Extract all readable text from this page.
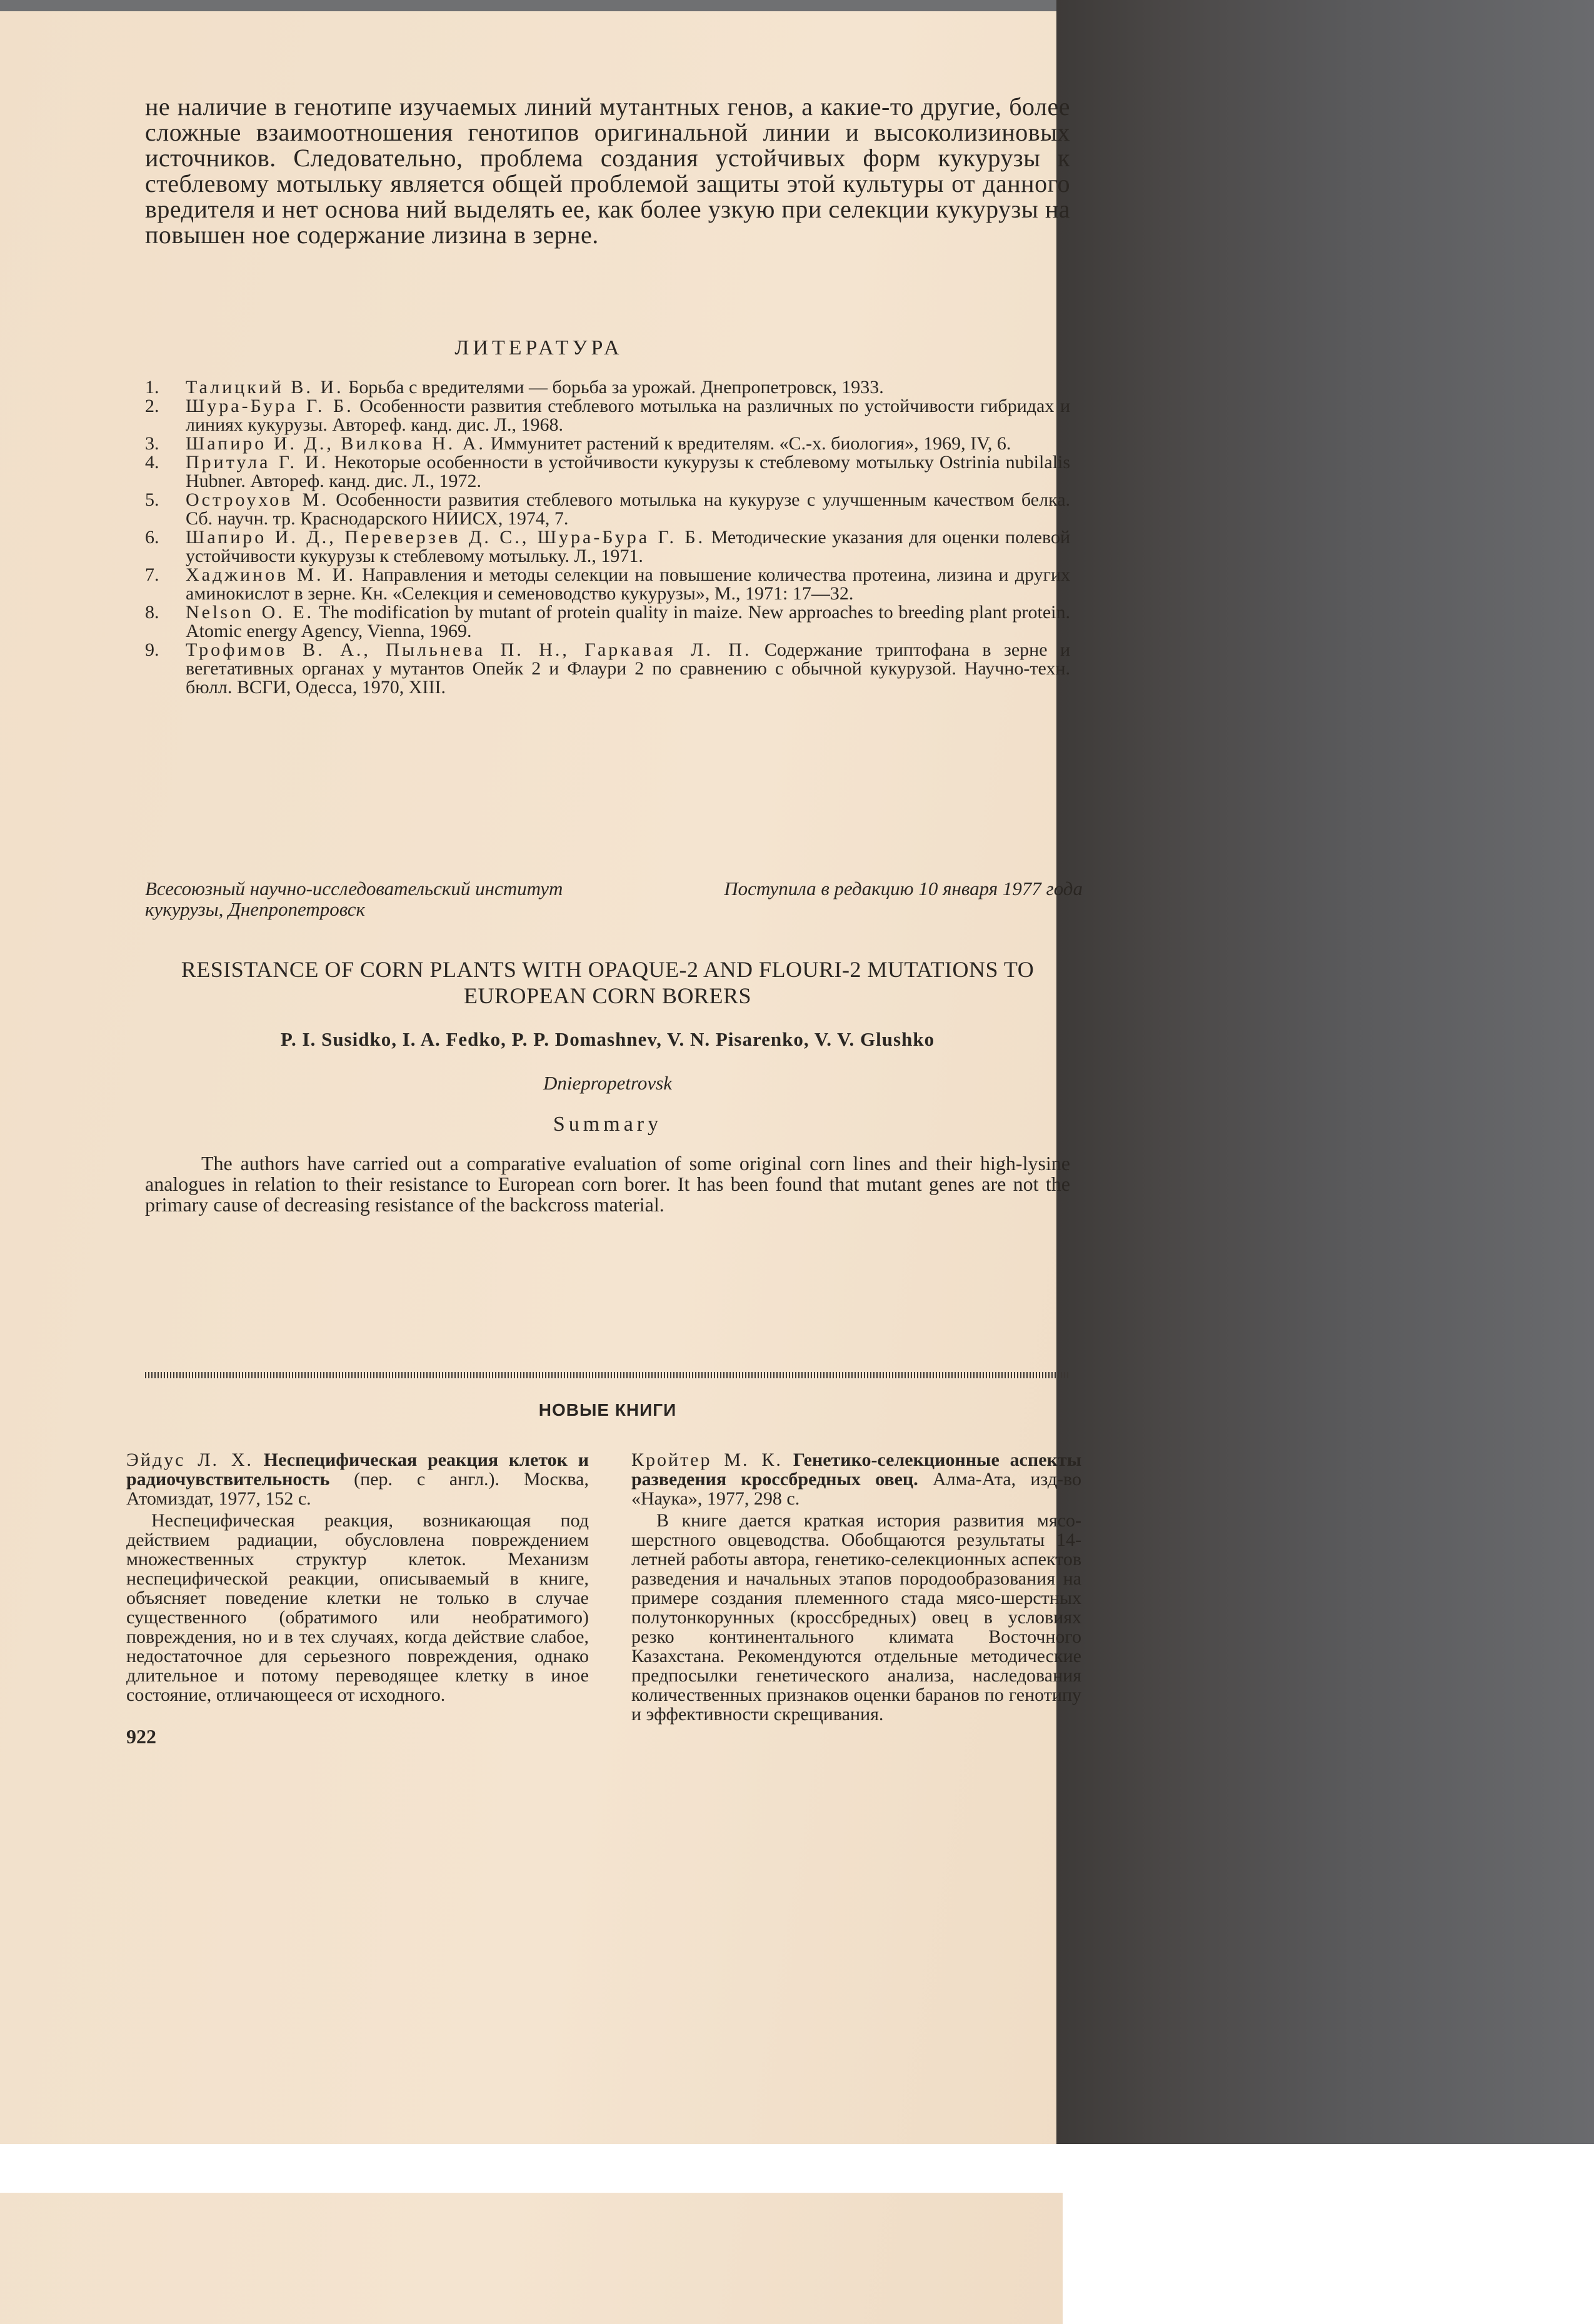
не наличие в генотипе изучаемых линий мутантных генов, а какие-то другие, более сложные взаимоотношения генотипов оригинальной линии и высоколизиновых источников. Следовательно, проблема создания устойчивых форм кукурузы к стеблевому мотыльку является общей проблемой защиты этой культуры от данного вредителя и нет основа ний выделять ее, как более узкую при селекции кукурузы на повышен ное содержание лизина в зерне.
ЛИТЕРАТУРА
1. Талицкий В. И. Борьба с вредителями — борьба за урожай. Днепропетровск, 1933.
2. Шура-Бура Г. Б. Особенности развития стеблевого мотылька на различных по устойчивости гибридах и линиях кукурузы. Автореф. канд. дис. Л., 1968.
3. Шапиро И. Д., Вилкова Н. А. Иммунитет растений к вредителям. «С.-х. биология», 1969, IV, 6.
4. Притула Г. И. Некоторые особенности в устойчивости кукурузы к стеблевому мотыльку Ostrinia nubilalis Hubner. Автореф. канд. дис. Л., 1972.
5. Остроухов М. Особенности развития стеблевого мотылька на кукурузе с улучшенным качеством белка. Сб. научн. тр. Краснодарского НИИСХ, 1974, 7.
6. Шапиро И. Д., Переверзев Д. С., Шура-Бура Г. Б. Методические указания для оценки полевой устойчивости кукурузы к стеблевому мотыльку. Л., 1971.
7. Хаджинов М. И. Направления и методы селекции на повышение количества протеина, лизина и других аминокислот в зерне. Кн. «Селекция и семеноводство кукурузы», М., 1971: 17—32.
8. Nelson O. E. The modification by mutant of protein quality in maize. New approaches to breeding plant protein. Atomic energy Agency, Vienna, 1969.
9. Трофимов В. А., Пыльнева П. Н., Гаркавая Л. П. Содержание триптофана в зерне и вегетативных органах у мутантов Опейк 2 и Флаури 2 по сравнению с обычной кукурузой. Научно-техн. бюлл. ВСГИ, Одесса, 1970, XIII.
Всесоюзный научно-исследовательский институт кукурузы, Днепропетровск
Поступила в редакцию 10 января 1977 года
RESISTANCE OF CORN PLANTS WITH OPAQUE-2 AND FLOURI-2 MUTATIONS TO EUROPEAN CORN BORERS
P. I. Susidko, I. A. Fedko, P. P. Domashnev, V. N. Pisarenko, V. V. Glushko
Dniepropetrovsk
Summary
The authors have carried out a comparative evaluation of some original corn lines and their high-lysine analogues in relation to their resistance to European corn borer. It has been found that mutant genes are not the primary cause of decreasing resistance of the backcross material.
НОВЫЕ КНИГИ

Эйдус Л. Х. Неспецифическая реакция клеток и радиочувствительность (пер. с англ.). Москва, Атомиздат, 1977, 152 с.

Неспецифическая реакция, возникающая под действием радиации, обусловлена повреждением множественных структур клеток. Механизм неспецифической реакции, описываемый в книге, объясняет поведение клетки не только в случае существенного (обратимого или необратимого) повреждения, но и в тех случаях, когда действие слабое, недостаточное для серьезного повреждения, однако длительное и потому переводящее клетку в иное состояние, отличающееся от исходного.

Кройтер М. К. Генетико-селекционные аспекты разведения кроссбредных овец. Алма-Ата, изд-во «Наука», 1977, 298 с.

В книге дается краткая история развития мясо-шерстного овцеводства. Обобщаются результаты 14-летней работы автора, генетико-селекционных аспектов разведения и начальных этапов породообразования на примере создания племенного стада мясо-шерстных полутонкорунных (кроссбредных) овец в условиях резко континентального климата Восточного Казахстана. Рекомендуются отдельные методические предпосылки генетического анализа, наследования количественных признаков оценки баранов по генотипу и эффективности скрещивания.

922
